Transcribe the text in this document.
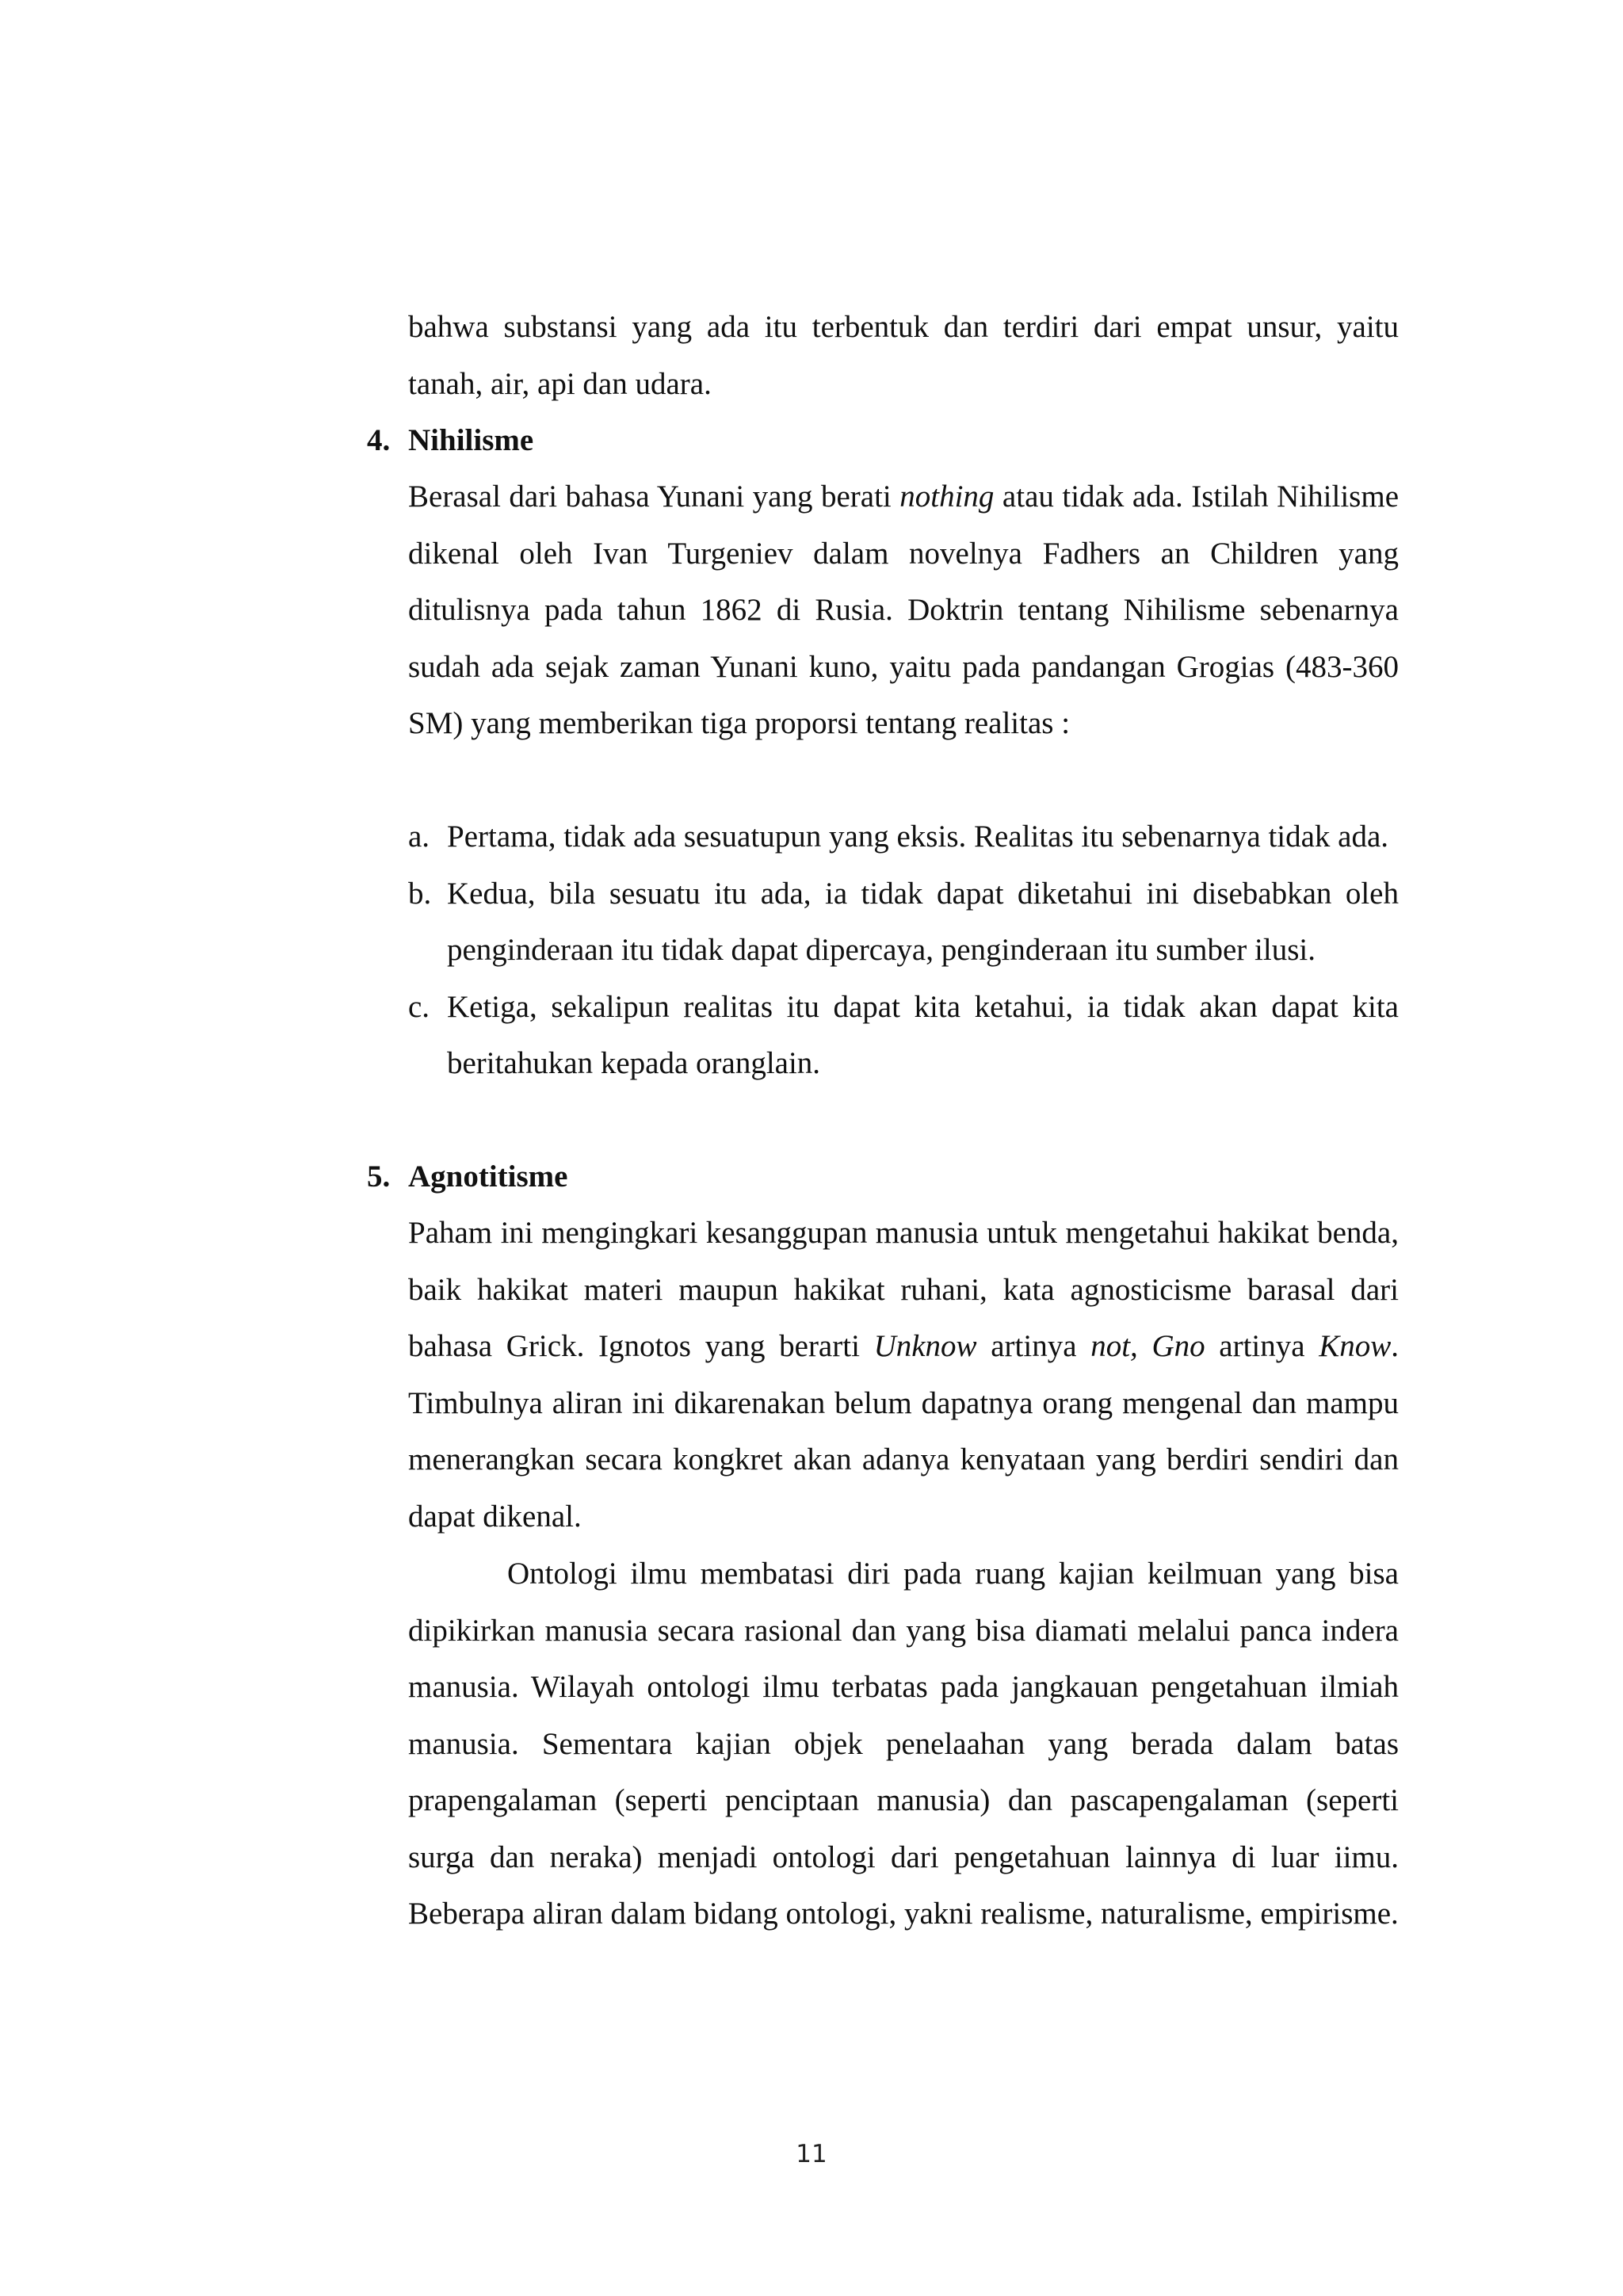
bahwa substansi yang ada itu terbentuk dan terdiri dari empat unsur, yaitu tanah, air, api dan udara.

4. Nihilisme

Berasal dari bahasa Yunani yang berati nothing atau tidak ada. Istilah Nihilisme dikenal oleh Ivan Turgeniev dalam novelnya Fadhers an Children yang ditulisnya pada tahun 1862 di Rusia. Doktrin tentang Nihilisme sebenarnya sudah ada sejak zaman Yunani kuno, yaitu pada pandangan Grogias (483-360 SM) yang memberikan tiga proporsi tentang realitas :

a. Pertama, tidak ada sesuatupun yang eksis. Realitas itu sebenarnya tidak ada.
b. Kedua, bila sesuatu itu ada, ia tidak dapat diketahui ini disebabkan oleh penginderaan itu tidak dapat dipercaya, penginderaan itu sumber ilusi.
c. Ketiga, sekalipun realitas itu dapat kita ketahui, ia tidak akan dapat kita beritahukan kepada oranglain.
5. Agnotitisme

Paham ini mengingkari kesanggupan manusia untuk mengetahui hakikat benda, baik hakikat materi maupun hakikat ruhani, kata agnosticisme barasal dari bahasa Grick. Ignotos yang berarti Unknow artinya not, Gno artinya Know. Timbulnya aliran ini dikarenakan belum dapatnya orang mengenal dan mampu menerangkan secara kongkret akan adanya kenyataan yang berdiri sendiri dan dapat dikenal.

Ontologi ilmu membatasi diri pada ruang kajian keilmuan yang bisa dipikirkan manusia secara rasional dan yang bisa diamati melalui panca indera manusia. Wilayah ontologi ilmu terbatas pada jangkauan pengetahuan ilmiah manusia. Sementara kajian objek penelaahan yang berada dalam batas prapengalaman (seperti penciptaan manusia) dan pascapengalaman (seperti surga dan neraka) menjadi ontologi dari pengetahuan lainnya di luar iimu. Beberapa aliran dalam bidang ontologi, yakni realisme, naturalisme, empirisme.

11
